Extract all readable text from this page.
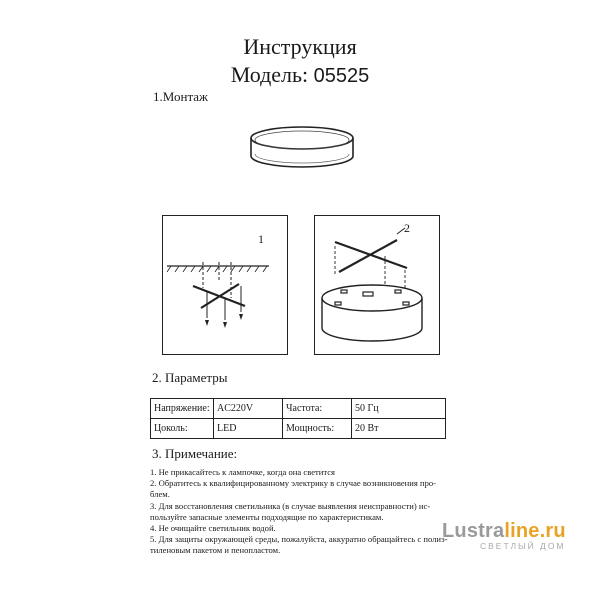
Инструкция
Модель: 05525
1.Монтаж
1
2
2. Параметры
Напряжение:	AC220V	Частота:	50 Гц
Цоколь:	LED	Мощность:	20 Вт
3. Примечание:
1. Не прикасайтесь к лампочке, когда она светится
2. Обратитесь к квалифицированному электрику в случае возникновения про-
блем.
3. Для восстановления светильника (в случае выявления неисправности) ис-
пользуйте запасные элементы подходящие по характеристикам.
4. Не очищайте светильник водой.
5. Для защиты окружающей среды, пожалуйста, аккуратно обращайтесь с полиэ-
тиленовым пакетом и пенопластом.
Lustraline.ru
СВЕТЛЫЙ ДОМ
